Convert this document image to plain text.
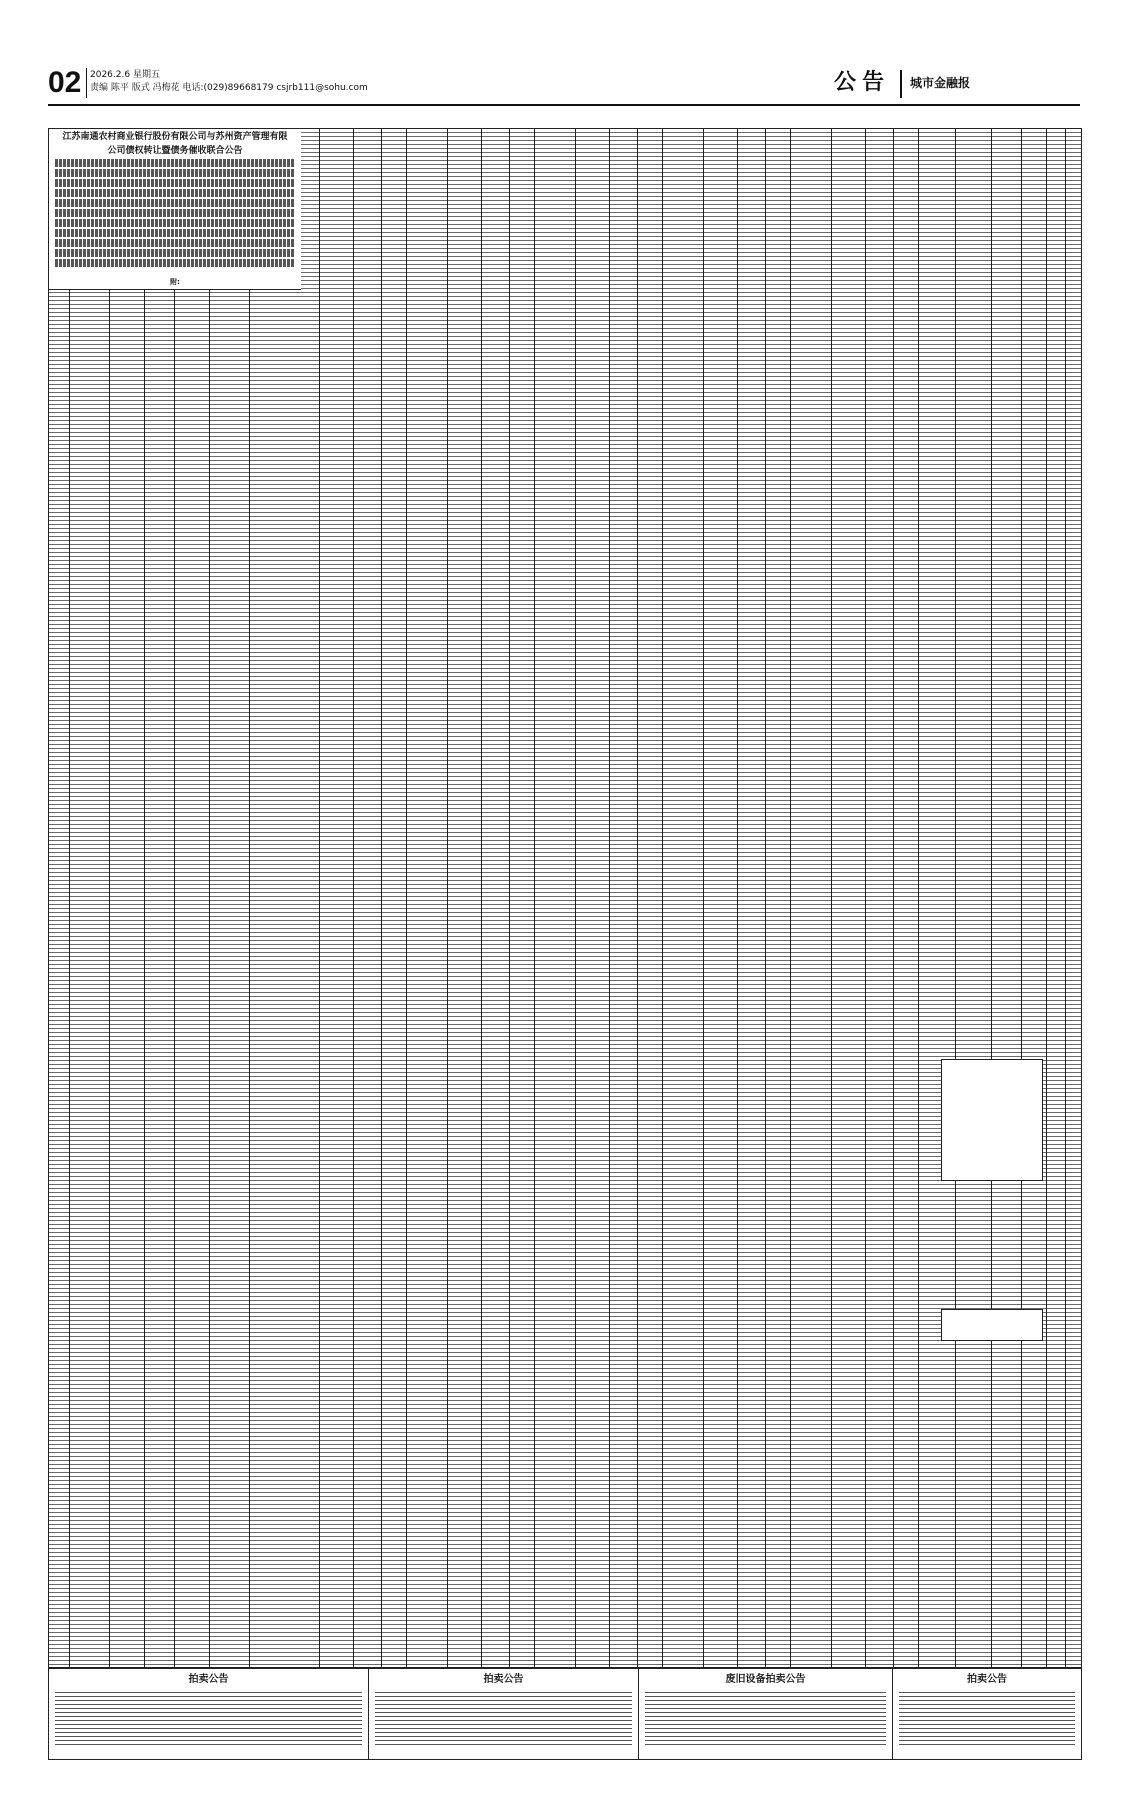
02 2026.2.6 星期五
责编 陈平 版式 冯梅花 电话:(029)89668179 csjrb111@sohu.com	公告 城市金融报
江苏南通农村商业银行股份有限公司与苏州资产管理有限
公司债权转让暨债务催收联合公告
附:
拍卖公告	拍卖公告	废旧设备拍卖公告	拍卖公告
